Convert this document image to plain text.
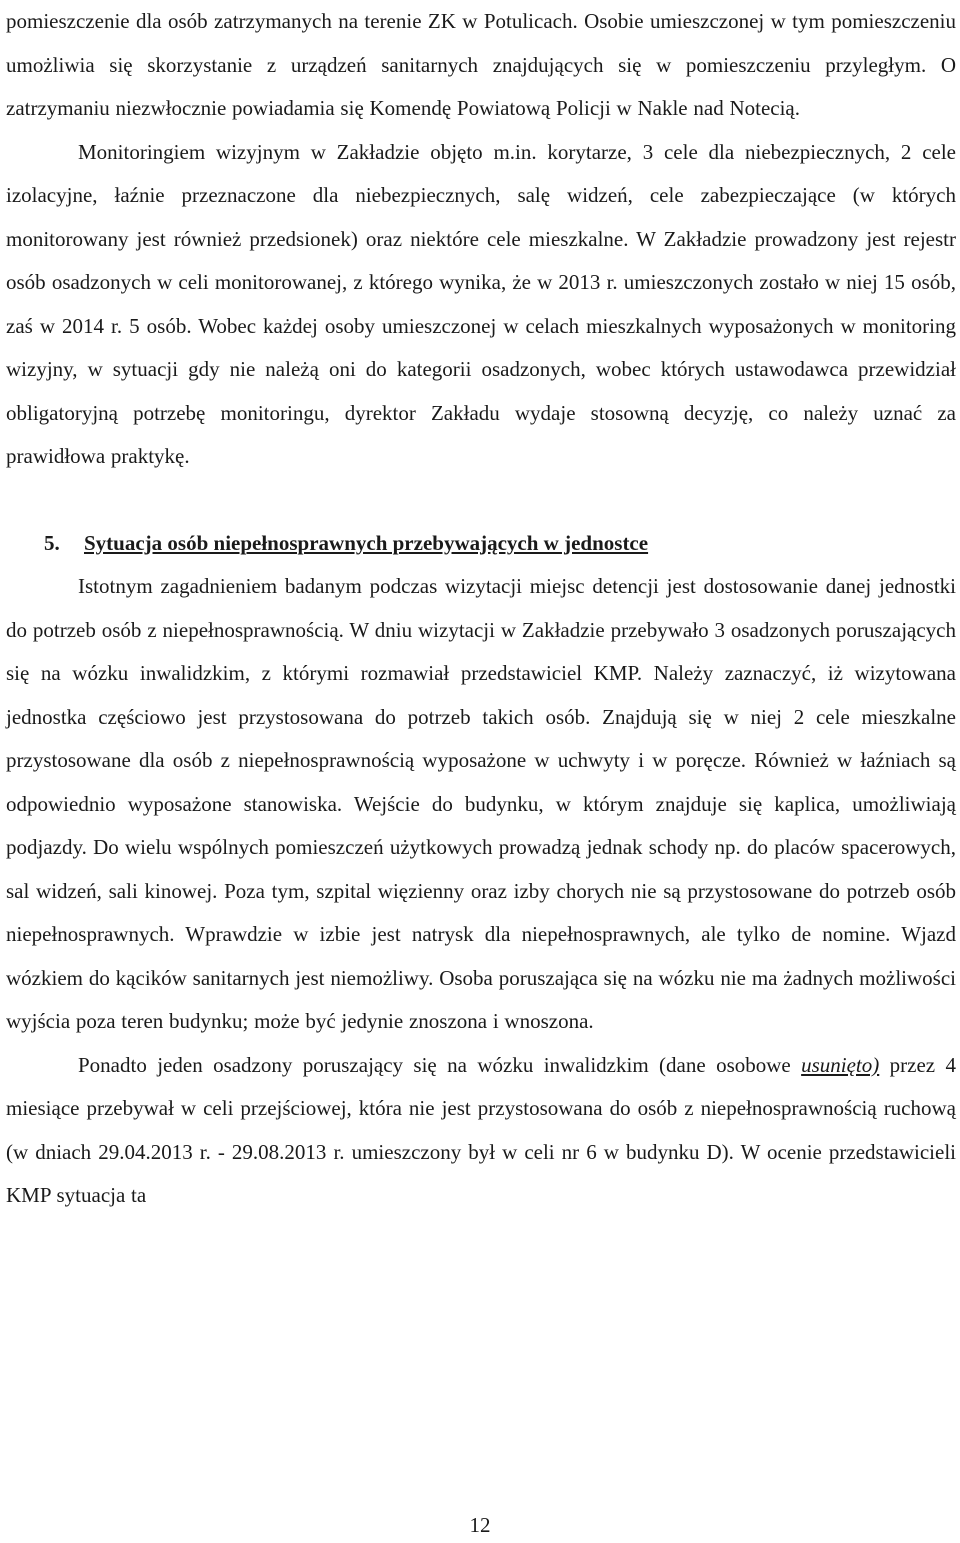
pomieszczenie dla osób zatrzymanych na terenie ZK w Potulicach. Osobie umieszczonej w tym pomieszczeniu umożliwia się skorzystanie z urządzeń sanitarnych znajdujących się w pomieszczeniu przyległym. O zatrzymaniu niezwłocznie powiadamia się Komendę Powiatową Policji w Nakle nad Notecią.

Monitoringiem wizyjnym w Zakładzie objęto m.in. korytarze, 3 cele dla niebezpiecznych, 2 cele izolacyjne, łaźnie przeznaczone dla niebezpiecznych, salę widzeń, cele zabezpieczające (w których monitorowany jest również przedsionek) oraz niektóre cele mieszkalne. W Zakładzie prowadzony jest rejestr osób osadzonych w celi monitorowanej, z którego wynika, że w 2013 r. umieszczonych zostało w niej 15 osób, zaś w 2014 r. 5 osób. Wobec każdej osoby umieszczonej w celach mieszkalnych wyposażonych w monitoring wizyjny, w sytuacji gdy nie należą oni do kategorii osadzonych, wobec których ustawodawca przewidział obligatoryjną potrzebę monitoringu, dyrektor Zakładu wydaje stosowną decyzję, co należy uznać za prawidłowa praktykę.

5. Sytuacja osób niepełnosprawnych przebywających w jednostce

Istotnym zagadnieniem badanym podczas wizytacji miejsc detencji jest dostosowanie danej jednostki do potrzeb osób z niepełnosprawnością. W dniu wizytacji w Zakładzie przebywało 3 osadzonych poruszających się na wózku inwalidzkim, z którymi rozmawiał przedstawiciel KMP. Należy zaznaczyć, iż wizytowana jednostka częściowo jest przystosowana do potrzeb takich osób. Znajdują się w niej 2 cele mieszkalne przystosowane dla osób z niepełnosprawnością wyposażone w uchwyty i w poręcze. Również w łaźniach są odpowiednio wyposażone stanowiska. Wejście do budynku, w którym znajduje się kaplica, umożliwiają podjazdy. Do wielu wspólnych pomieszczeń użytkowych prowadzą jednak schody np. do placów spacerowych, sal widzeń, sali kinowej. Poza tym, szpital więzienny oraz izby chorych nie są przystosowane do potrzeb osób niepełnosprawnych. Wprawdzie w izbie jest natrysk dla niepełnosprawnych, ale tylko de nomine. Wjazd wózkiem do kącików sanitarnych jest niemożliwy. Osoba poruszająca się na wózku nie ma żadnych możliwości wyjścia poza teren budynku; może być jedynie znoszona i wnoszona.

Ponadto jeden osadzony poruszający się na wózku inwalidzkim (dane osobowe usunięto) przez 4 miesiące przebywał w celi przejściowej, która nie jest przystosowana do osób z niepełnosprawnością ruchową (w dniach 29.04.2013 r. - 29.08.2013 r. umieszczony był w celi nr 6 w budynku D). W ocenie przedstawicieli KMP sytuacja ta

12
